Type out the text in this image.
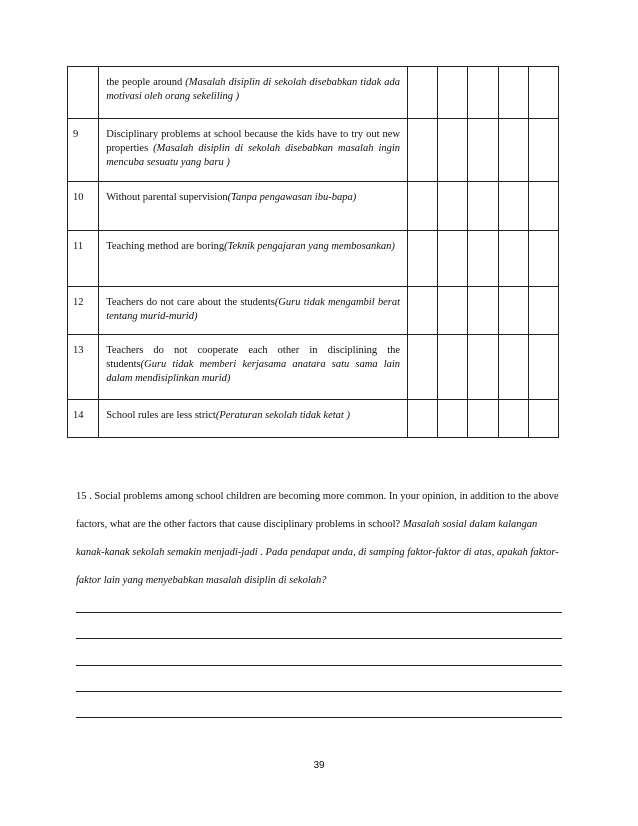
	the people around (Masalah disiplin di sekolah disebabkan tidak ada motivasi oleh orang sekeliling )					
9	Disciplinary problems at school because the kids have to try out new properties (Masalah disiplin di sekolah disebabkan masalah ingin mencuba sesuatu yang baru )					
10	Without parental supervision(Tanpa pengawasan ibu-bapa)					
11	Teaching method are boring(Teknik pengajaran yang membosankan)					
12	Teachers do not care about the students(Guru tidak mengambil berat tentang murid-murid)					
13	Teachers do not cooperate each other in disciplining the students(Guru tidak memberi kerjasama anatara satu sama lain dalam mendisiplinkan murid)					
14	School rules are less strict(Peraturan sekolah tidak ketat )					
15 . Social problems among school children are becoming more common. In your opinion, in addition to the above factors, what are the other factors that cause disciplinary problems in school? Masalah sosial dalam kalangan kanak-kanak sekolah semakin menjadi-jadi . Pada pendapat anda, di samping faktor-faktor di atas, apakah faktor-faktor lain yang menyebabkan masalah disiplin di sekolah?
39
